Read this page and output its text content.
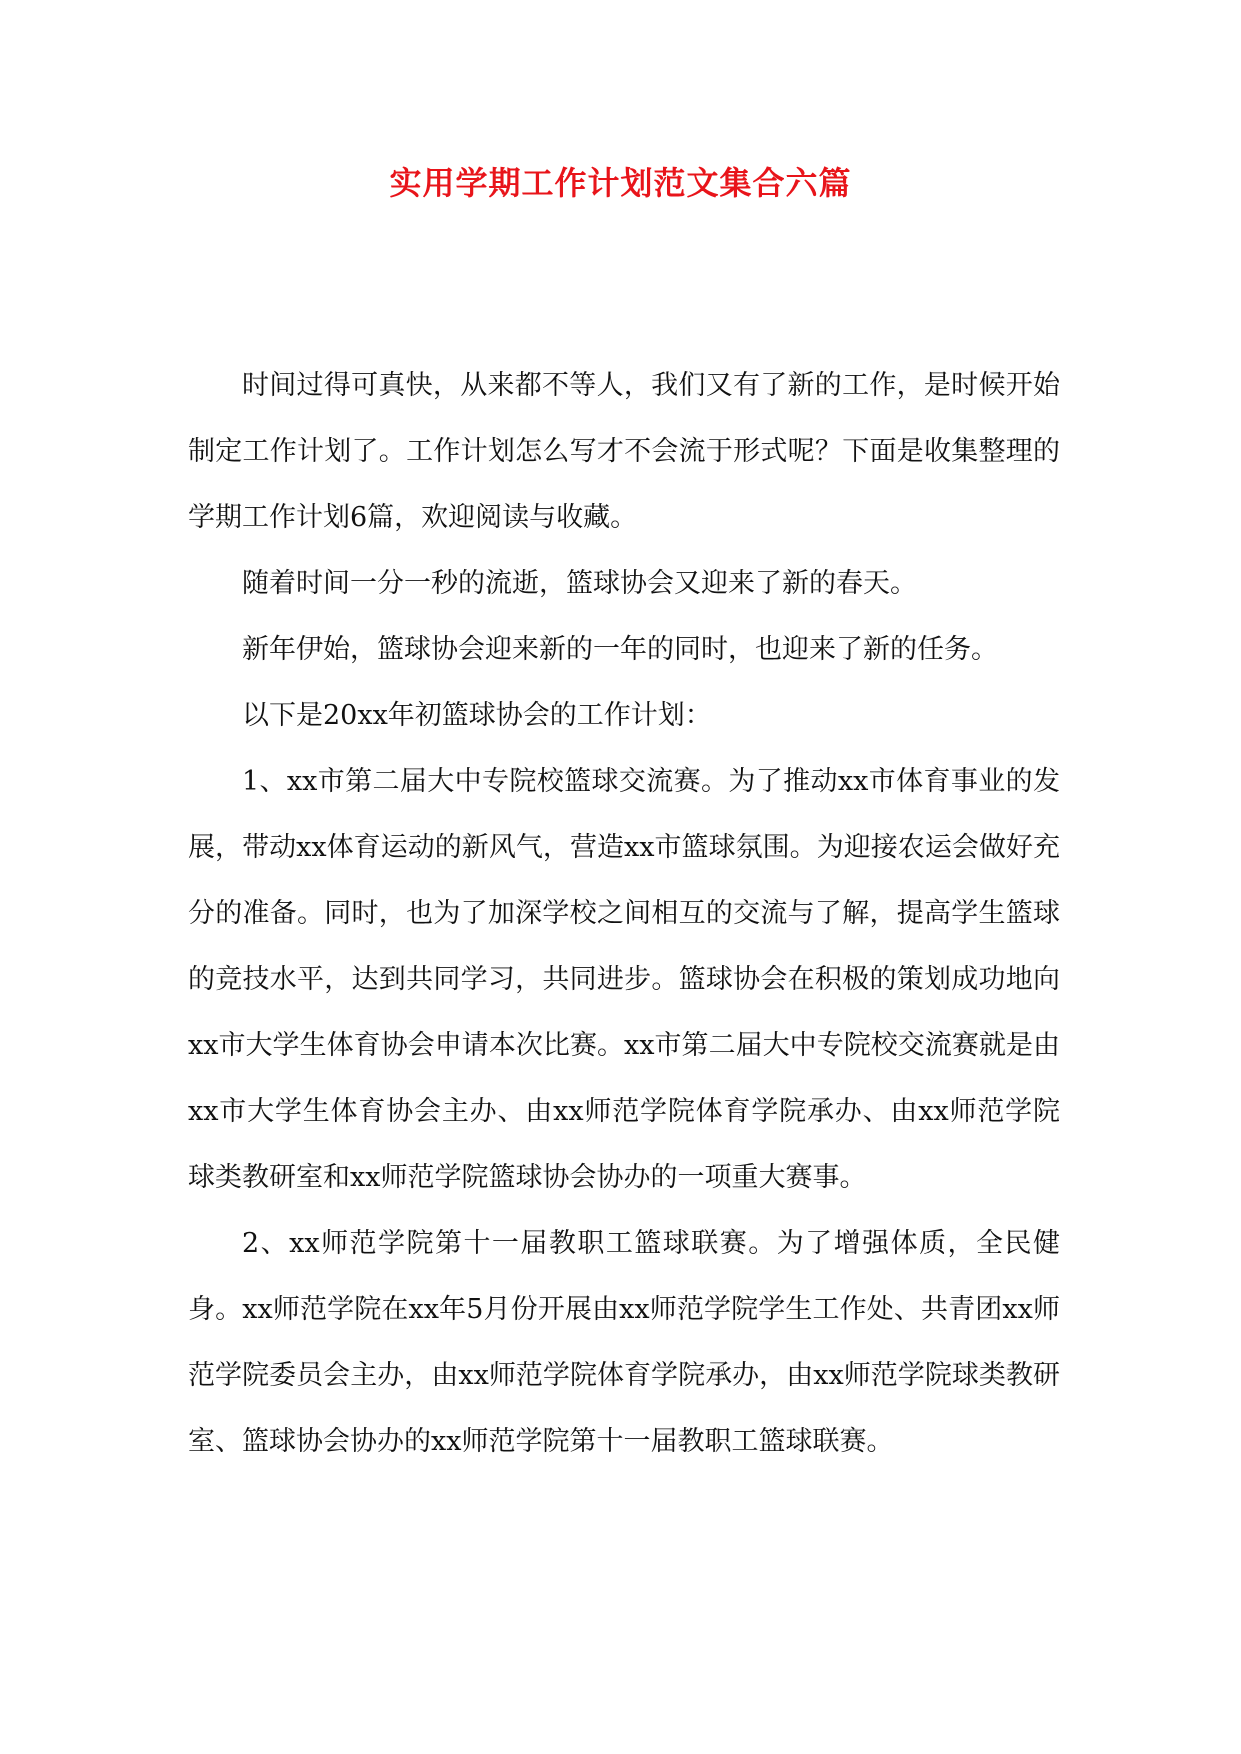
实用学期工作计划范文集合六篇

时间过得可真快，从来都不等人，我们又有了新的工作，是时候开始制定工作计划了。工作计划怎么写才不会流于形式呢？下面是收集整理的学期工作计划6篇，欢迎阅读与收藏。

随着时间一分一秒的流逝，篮球协会又迎来了新的春天。

新年伊始，篮球协会迎来新的一年的同时，也迎来了新的任务。

以下是20xx年初篮球协会的工作计划：

1、xx市第二届大中专院校篮球交流赛。为了推动xx市体育事业的发展，带动xx体育运动的新风气，营造xx市篮球氛围。为迎接农运会做好充分的准备。同时，也为了加深学校之间相互的交流与了解，提高学生篮球的竞技水平，达到共同学习，共同进步。篮球协会在积极的策划成功地向xx市大学生体育协会申请本次比赛。xx市第二届大中专院校交流赛就是由xx市大学生体育协会主办、由xx师范学院体育学院承办、由xx师范学院球类教研室和xx师范学院篮球协会协办的一项重大赛事。

2、xx师范学院第十一届教职工篮球联赛。为了增强体质，全民健身。xx师范学院在xx年5月份开展由xx师范学院学生工作处、共青团xx师范学院委员会主办，由xx师范学院体育学院承办，由xx师范学院球类教研室、篮球协会协办的xx师范学院第十一届教职工篮球联赛。
